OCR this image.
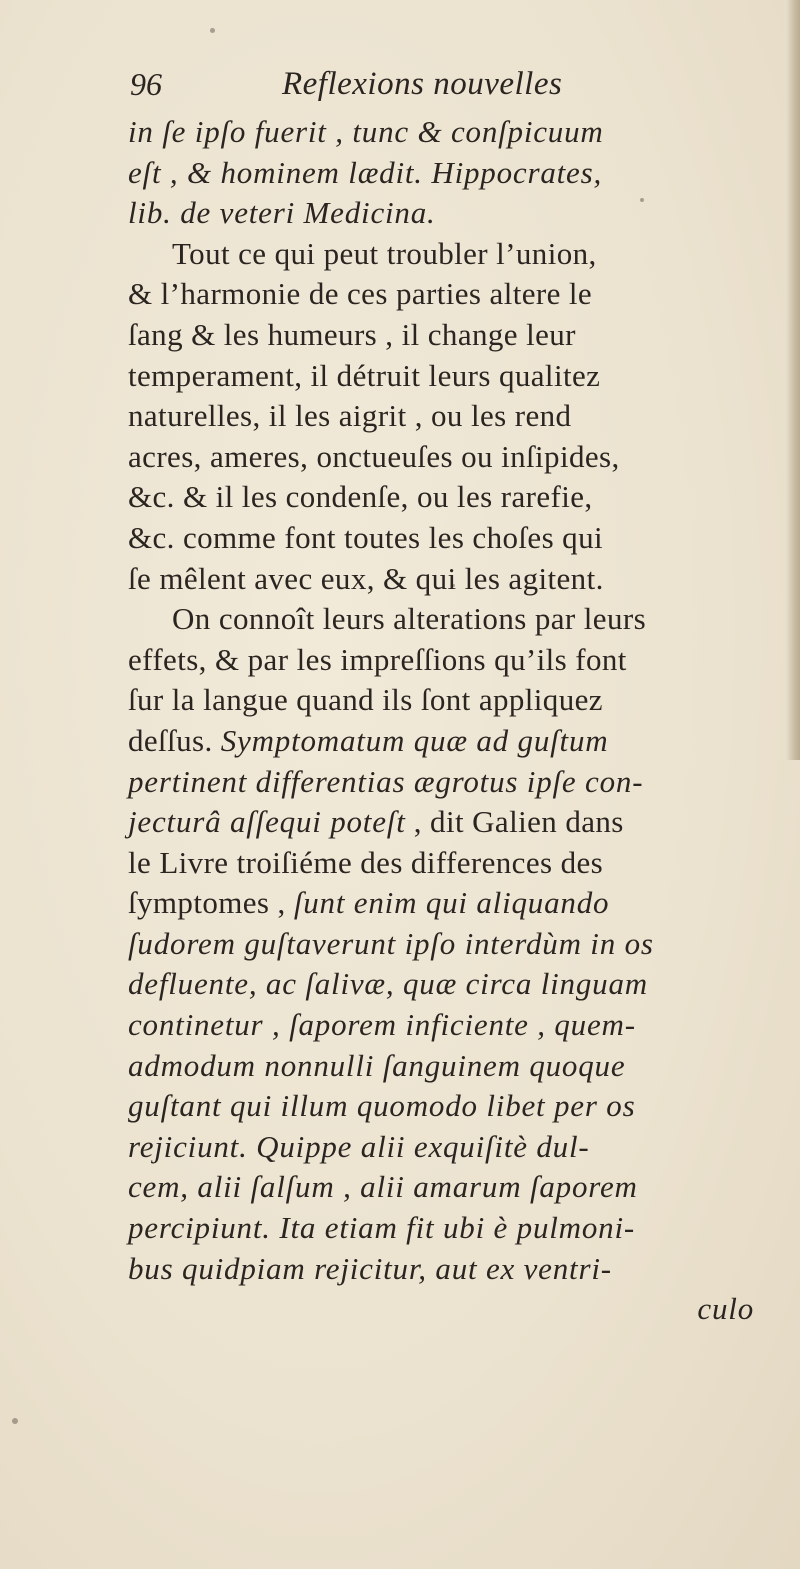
96	Reflexions nouvelles
in ſe ipſo fuerit , tunc & conſpicuum
eſt , & hominem lædit. Hippocrates,
lib. de veteri Medicina.
Tout ce qui peut troubler l’union,
& l’harmonie de ces parties altere le
ſang & les humeurs , il change leur
temperament, il détruit leurs qualitez
naturelles, il les aigrit , ou les rend
acres, ameres, onctueuſes ou inſipides,
&c. & il les condenſe, ou les rarefie,
&c. comme font toutes les choſes qui
ſe mêlent avec eux, & qui les agitent.
On connoît leurs alterations par leurs
effets, & par les impreſſions qu’ils font
ſur la langue quand ils ſont appliquez
deſſus. Symptomatum quæ ad guſtum
pertinent differentias ægrotus ipſe con-
jecturâ aſſequi poteſt , dit Galien dans
le Livre troiſiéme des differences des
ſymptomes , ſunt enim qui aliquando
ſudorem guſtaverunt ipſo interdùm in os
defluente, ac ſalivæ, quæ circa linguam
continetur , ſaporem inficiente , quem-
admodum nonnulli ſanguinem quoque
guſtant qui illum quomodo libet per os
rejiciunt. Quippe alii exquiſitè dul-
cem, alii ſalſum , alii amarum ſaporem
percipiunt. Ita etiam fit ubi è pulmoni-
bus quidpiam rejicitur, aut ex ventri-
culo
